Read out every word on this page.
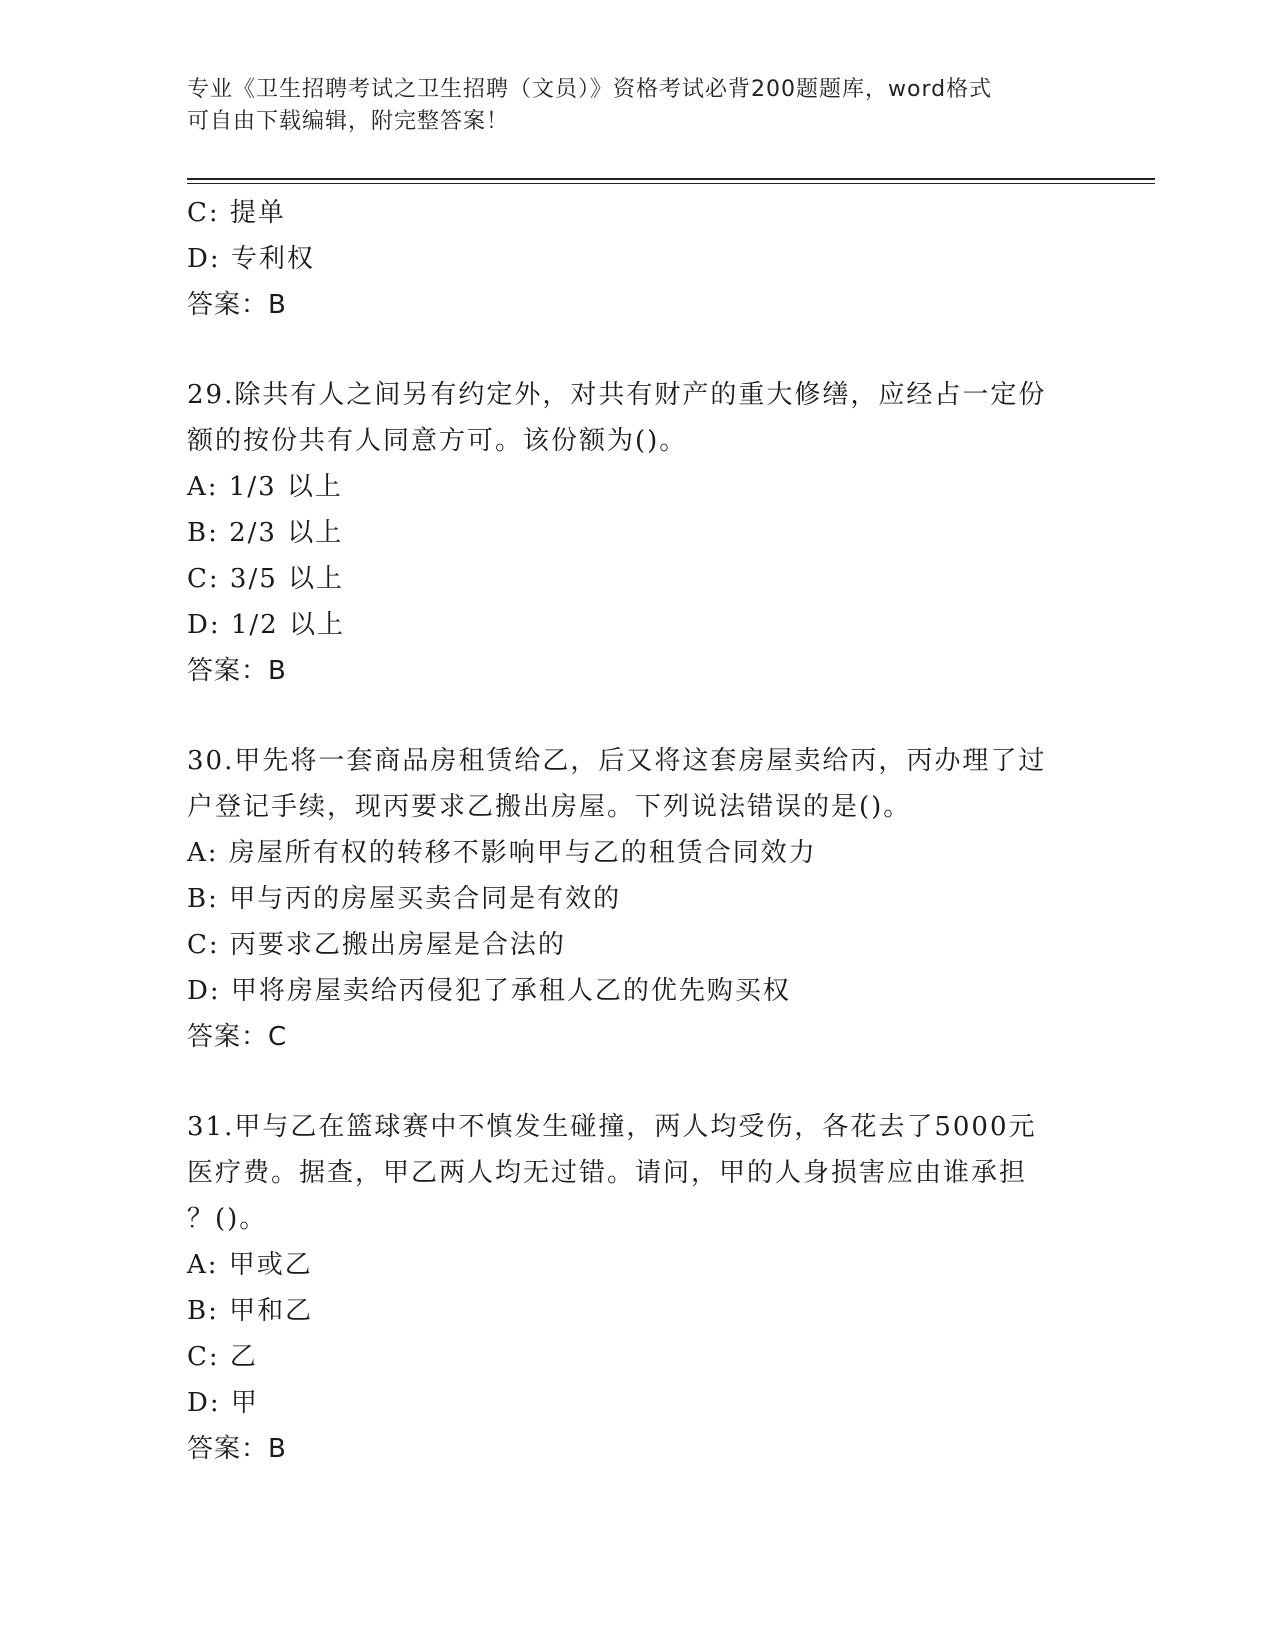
专业《卫生招聘考试之卫生招聘（文员）》资格考试必背200题题库，word格式
可自由下载编辑，附完整答案！
C: 提单
D: 专利权
答案：B
29.除共有人之间另有约定外，对共有财产的重大修缮，应经占一定份
额的按份共有人同意方可。该份额为()。
A: 1/3 以上
B: 2/3 以上
C: 3/5 以上
D: 1/2 以上
答案：B
30.甲先将一套商品房租赁给乙，后又将这套房屋卖给丙，丙办理了过
户登记手续，现丙要求乙搬出房屋。下列说法错误的是()。
A: 房屋所有权的转移不影响甲与乙的租赁合同效力
B: 甲与丙的房屋买卖合同是有效的
C: 丙要求乙搬出房屋是合法的
D: 甲将房屋卖给丙侵犯了承租人乙的优先购买权
答案：C
31.甲与乙在篮球赛中不慎发生碰撞，两人均受伤，各花去了5000元
医疗费。据查，甲乙两人均无过错。请问，甲的人身损害应由谁承担
？()。
A: 甲或乙
B: 甲和乙
C: 乙
D: 甲
答案：B
